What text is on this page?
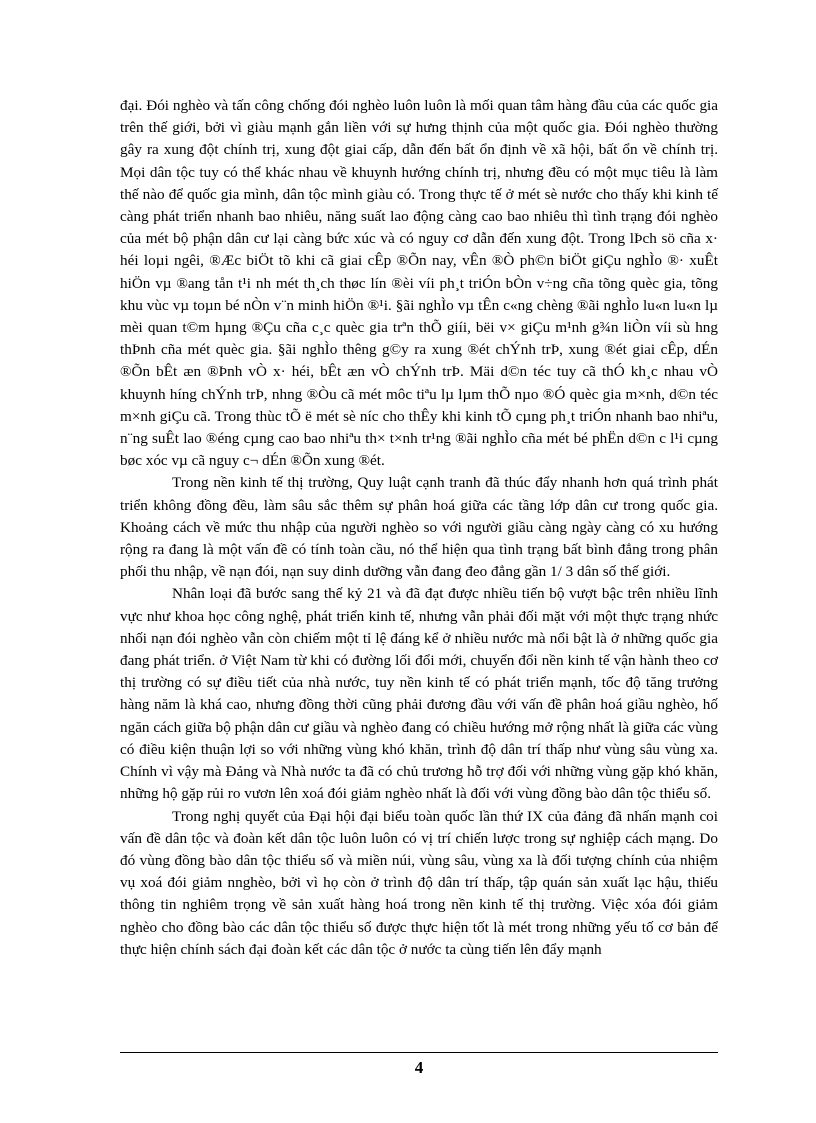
đại. Đói nghèo và tấn công chống đói nghèo luôn luôn là mối quan tâm hàng đầu của các quốc gia trên thế giới, bởi vì giàu mạnh gắn liền với sự hưng thịnh của một quốc gia. Đói nghèo thường gây ra xung đột chính trị, xung đột giai cấp, dẫn đến bất ổn định về xã hội, bất ổn về chính trị. Mọi dân tộc tuy có thể khác nhau về khuynh hướng chính trị, nhưng đều có một mục tiêu là làm thế nào để quốc gia mình, dân tộc mình giàu có. Trong thực tế ở mét sè nước cho thấy khi kinh tế càng phát triển nhanh bao nhiêu, năng suất lao động càng cao bao nhiêu thì tình trạng đói nghèo của mét bộ phận dân cư lại càng bức xúc và có nguy cơ dẫn đến xung đột. Trong lÞch sö cña x· héi loµi ngêi, ®Æc biÖt tõ khi cã giai cÊp ®Õn nay, vÊn ®Ò ph©n biÖt giÇu nghÌo ®· xuÊt hiÖn vµ ®ang tån t¹i nh mét th¸ch thøc lín ®èi víi ph¸t triÓn bÒn v÷ng cña tõng quèc gia, tõng khu vùc vµ toµn bé nÒn v¨n minh hiÖn ®¹i. §ãi nghÌo vµ tÊn c«ng chèng ®ãi nghÌo lu«n lu«n lµ mèi quan t©m hµng ®Çu cña c¸c quèc gia trªn thÕ giíi, bëi v× giÇu m¹nh g¾n liÒn víi sù hng thÞnh cña mét quèc gia. §ãi nghÌo thêng g©y ra xung ®ét chÝnh trÞ, xung ®ét giai cÊp, dÉn ®Õn bÊt æn ®Þnh vÒ x· héi, bÊt æn vÒ chÝnh trÞ. Mäi d©n téc tuy cã thÓ kh¸c nhau vÒ khuynh híng chÝnh trÞ, nhng ®Òu cã mét môc tiªu lµ lµm thÕ nµo ®Ó quèc gia m×nh, d©n téc m×nh giÇu cã. Trong thùc tÕ ë mét sè níc cho thÊy khi kinh tÕ cµng ph¸t triÓn nhanh bao nhiªu, n¨ng suÊt lao ®éng cµng cao bao nhiªu th× t×nh tr¹ng ®ãi nghÌo cña mét bé phËn d©n c l¹i cµng bøc xóc vµ cã nguy c¬ dÉn ®Õn xung ®ét.

Trong nền kinh tế thị trường, Quy luật cạnh tranh đã thúc đẩy nhanh hơn quá trình phát triển không đồng đều, làm sâu sắc thêm sự phân hoá giữa các tầng lớp dân cư trong quốc gia. Khoảng cách về mức thu nhập của người nghèo so với người giầu càng ngày càng có xu hướng rộng ra đang là một vấn đề có tính toàn cầu, nó thể hiện qua tình trạng bất bình đẳng trong phân phối thu nhập, về nạn đói, nạn suy dinh dưỡng vẫn đang đeo đẳng gần 1/ 3 dân số thế giới.

Nhân loại đã bước sang thế kỷ 21 và đã đạt được nhiều tiến bộ vượt bậc trên nhiều lĩnh vực như khoa học công nghệ, phát triển kinh tế, nhưng vẫn phải đối mặt với một thực trạng nhức nhối nạn đói nghèo vẫn còn chiếm một tỉ lệ đáng kể ở nhiều nước mà nổi bật là ở những quốc gia đang phát triển. ở Việt Nam từ khi có đường lối đổi mới, chuyển đổi nền kinh tế vận hành theo cơ thị trường có sự điều tiết của nhà nước, tuy nền kinh tế có phát triển mạnh, tốc độ tăng trưởng hàng năm là khá cao, nhưng đồng thời cũng phải đương đầu với vấn đề phân hoá giầu nghèo, hố ngăn cách giữa bộ phận dân cư giầu và nghèo đang có chiều hướng mở rộng nhất là giữa các vùng có điều kiện thuận lợi so với những vùng khó khăn, trình độ dân trí thấp như vùng sâu vùng xa. Chính vì vậy mà Đảng và Nhà nước ta đã có chủ trương hỗ trợ đối với những vùng gặp khó khăn, những hộ gặp rủi ro vươn lên xoá đói giảm nghèo nhất là đối với vùng đồng bào dân tộc thiểu số.

Trong nghị quyết của Đại hội đại biểu toàn quốc lần thứ IX của đảng đã nhấn mạnh coi vấn đề dân tộc và đoàn kết dân tộc luôn luôn có vị trí chiến lược trong sự nghiệp cách mạng. Do đó vùng đồng bào dân tộc thiểu số và miền núi, vùng sâu, vùng xa là đối tượng chính của nhiệm vụ xoá đói giảm nnghèo, bởi vì họ còn ở trình độ dân trí thấp, tập quán sản xuất lạc hậu, thiếu thông tin nghiêm trọng về sản xuất hàng hoá trong nền kinh tế thị trường. Việc xóa đói giảm nghèo cho đồng bào các dân tộc thiểu số được thực hiện tốt là mét trong những yếu tố cơ bản để thực hiện chính sách đại đoàn kết các dân tộc ở nước ta cùng tiến lên đẩy mạnh

4
